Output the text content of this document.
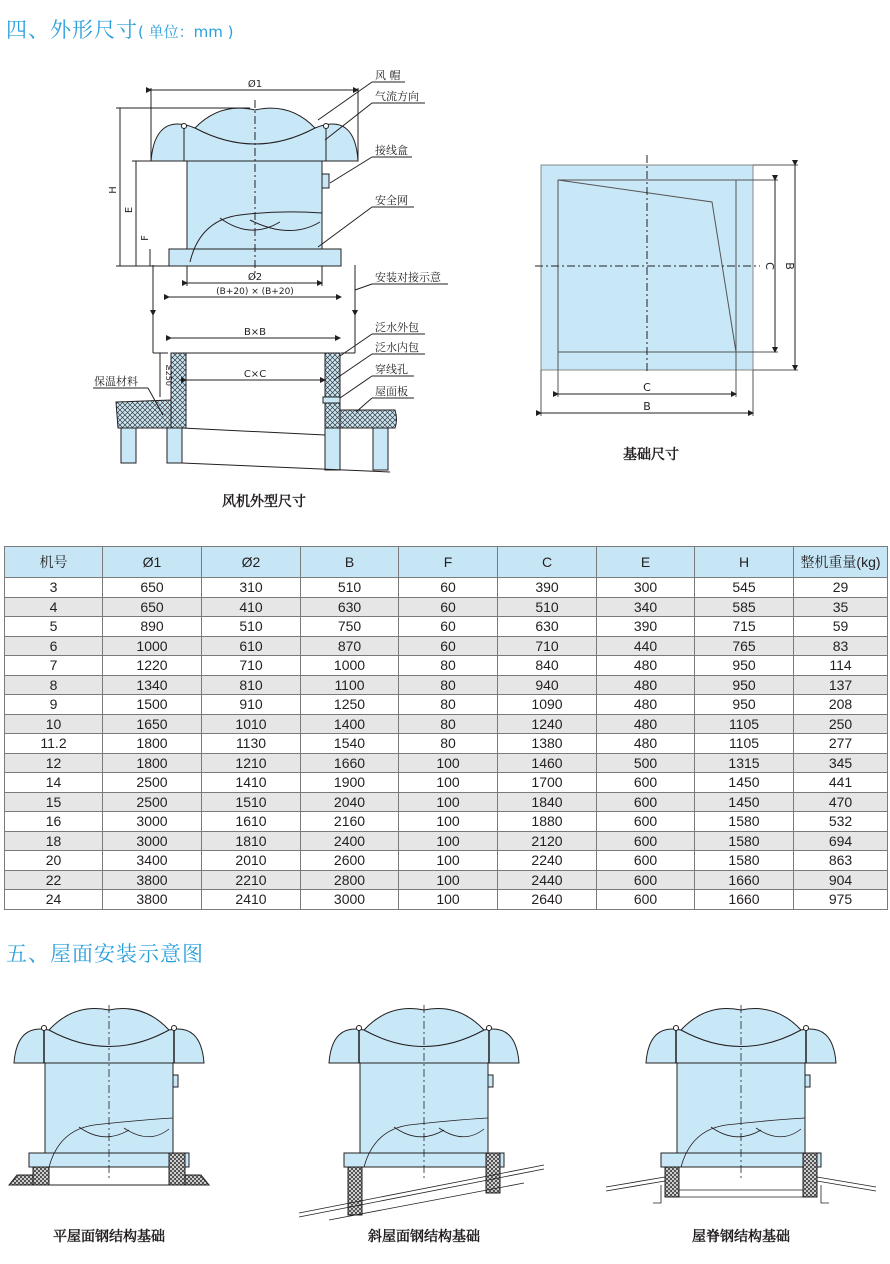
四、外形尺寸( 单位：mm )
Ø1
Ø2
(B+20) × (B+20)
B×B
C×C
H
E
F
≥250
风 帽
气流方向
接线盒
安全网
安装对接示意
泛水外包
泛水内包
穿线孔
屋面板
保温材料	C
B
C B
风机外型尺寸
基础尺寸
机号	Ø1	Ø2	B	F	C	E	H	整机重量(kg)
3	650	310	510	60	390	300	545	29
4	650	410	630	60	510	340	585	35
5	890	510	750	60	630	390	715	59
6	1000	610	870	60	710	440	765	83
7	1220	710	1000	80	840	480	950	114
8	1340	810	1100	80	940	480	950	137
9	1500	910	1250	80	1090	480	950	208
10	1650	1010	1400	80	1240	480	1105	250
11.2	1800	1130	1540	80	1380	480	1105	277
12	1800	1210	1660	100	1460	500	1315	345
14	2500	1410	1900	100	1700	600	1450	441
15	2500	1510	2040	100	1840	600	1450	470
16	3000	1610	2160	100	1880	600	1580	532
18	3000	1810	2400	100	2120	600	1580	694
20	3400	2010	2600	100	2240	600	1580	863
22	3800	2210	2800	100	2440	600	1660	904
24	3800	2410	3000	100	2640	600	1660	975
五、屋面安装示意图
平屋面钢结构基础	斜屋面钢结构基础	屋脊钢结构基础
